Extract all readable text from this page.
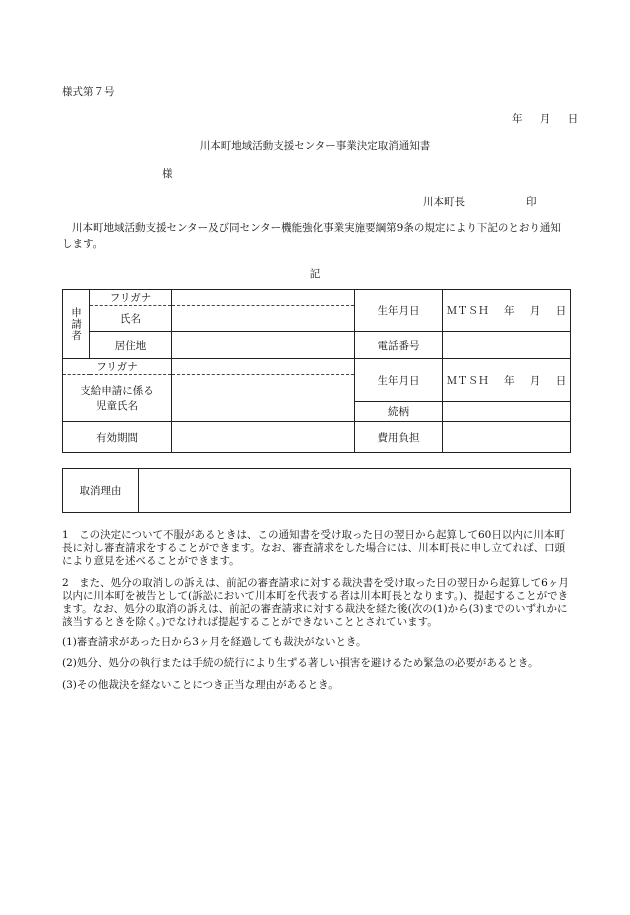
様式第７号
年 月 日
川本町地域活動支援センター事業決定取消通知書
様
川本町長	印
川本町地域活動支援センター及び同センター機能強化事業実施要綱第9条の規定により下記のとおり通知します。
記
申請者	フリガナ		生年月日	ＭＴＳＨ 年 月 日
	氏名			
	居住地		電話番号	
フリガナ			生年月日	ＭＴＳＨ 年 月 日

支給申請に係る
児童氏名				

			続柄	
有効期間			費用負担	
取消理由	
1　この決定について不服があるときは、この通知書を受け取った日の翌日から起算して60日以内に川本町長に対し審査請求をすることができます。なお、審査請求をした場合には、川本町長に申し立てれば、口頭により意見を述べることができます。
2　また、処分の取消しの訴えは、前記の審査請求に対する裁決書を受け取った日の翌日から起算して6ヶ月以内に川本町を被告として(訴訟において川本町を代表する者は川本町長となります。)、提起することができます。なお、処分の取消の訴えは、前記の審査請求に対する裁決を経た後(次の(1)から(3)までのいずれかに該当するときを除く。)でなければ提起することができないこととされています。
(1)審査請求があった日から3ヶ月を経過しても裁決がないとき。
(2)処分、処分の執行または手続の続行により生ずる著しい損害を避けるため緊急の必要があるとき。
(3)その他裁決を経ないことにつき正当な理由があるとき。
